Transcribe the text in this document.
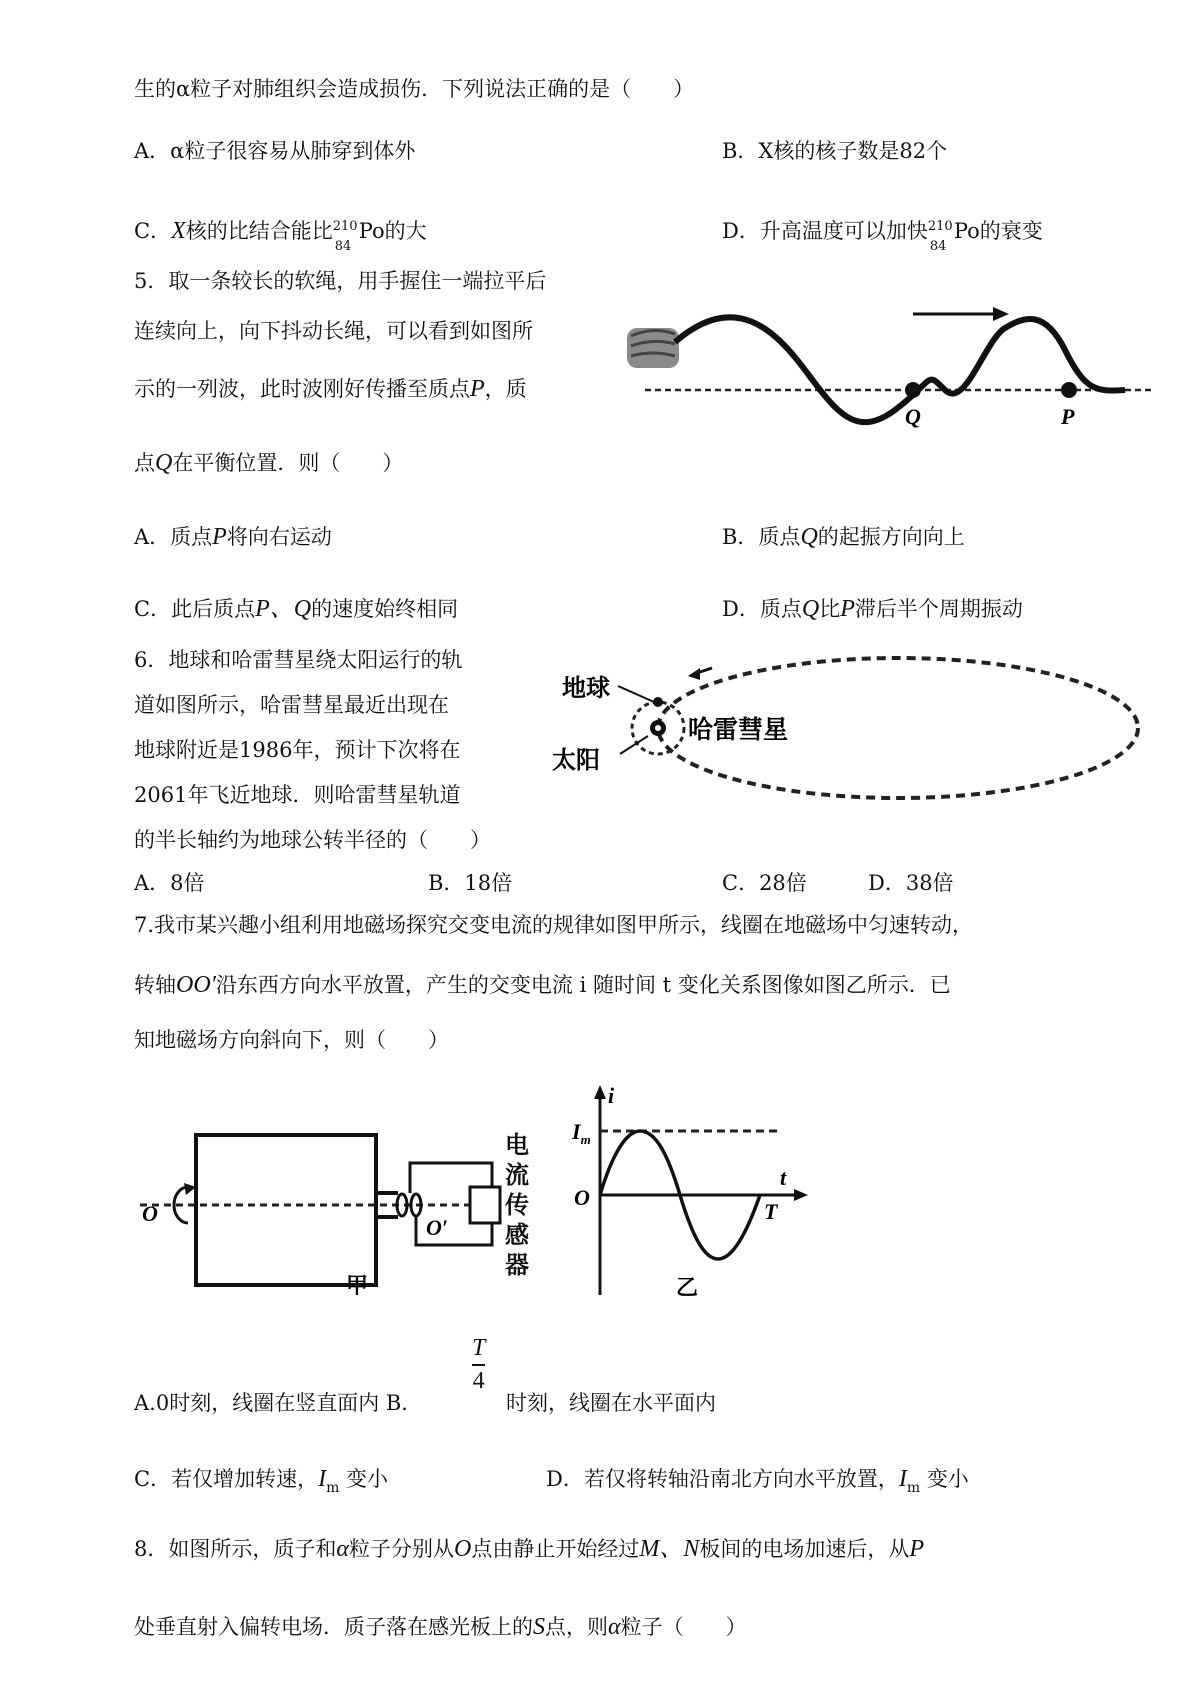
生的α粒子对肺组织会造成损伤．下列说法正确的是（　　）
A．α粒子很容易从肺穿到体外	B．X核的核子数是82个
C．X核的比结合能比 210
84
Po的大	D．升高温度可以加快 210
84
Po的衰变
5．取一条较长的软绳，用手握住一端拉平后
连续向上，向下抖动长绳，可以看到如图所
示的一列波，此时波刚好传播至质点P，质
点Q在平衡位置．则（　　）
Q	P
A．质点P将向右运动	B．质点Q的起振方向向上
C．此后质点P、Q的速度始终相同	D．质点Q比P滞后半个周期振动
6．地球和哈雷彗星绕太阳运行的轨
道如图所示，哈雷彗星最近出现在
地球附近是1986年，预计下次将在
2061年飞近地球．则哈雷彗星轨道
的半长轴约为地球公转半径的（　　）
地球
太阳
哈雷彗星
A．8倍	B．18倍	C．28倍	D．38倍
7.我市某兴趣小组利用地磁场探究交变电流的规律如图甲所示，线圈在地磁场中匀速转动，
转轴OO′沿东西方向水平放置，产生的交变电流 i 随时间 t 变化关系图像如图乙所示．已
知地磁场方向斜向下，则（　　）
O
O′
甲
电流传感器
i
$I_m$
O
t
T
乙
A.0时刻，线圈在竖直面内 B．
T
4
时刻，线圈在水平面内
C．若仅增加转速，$I_m$ 变小	D．若仅将转轴沿南北方向水平放置，$I_m$ 变小
8．如图所示，质子和α粒子分别从O点由静止开始经过M、N板间的电场加速后，从P
处垂直射入偏转电场．质子落在感光板上的S点，则α粒子（　　）
